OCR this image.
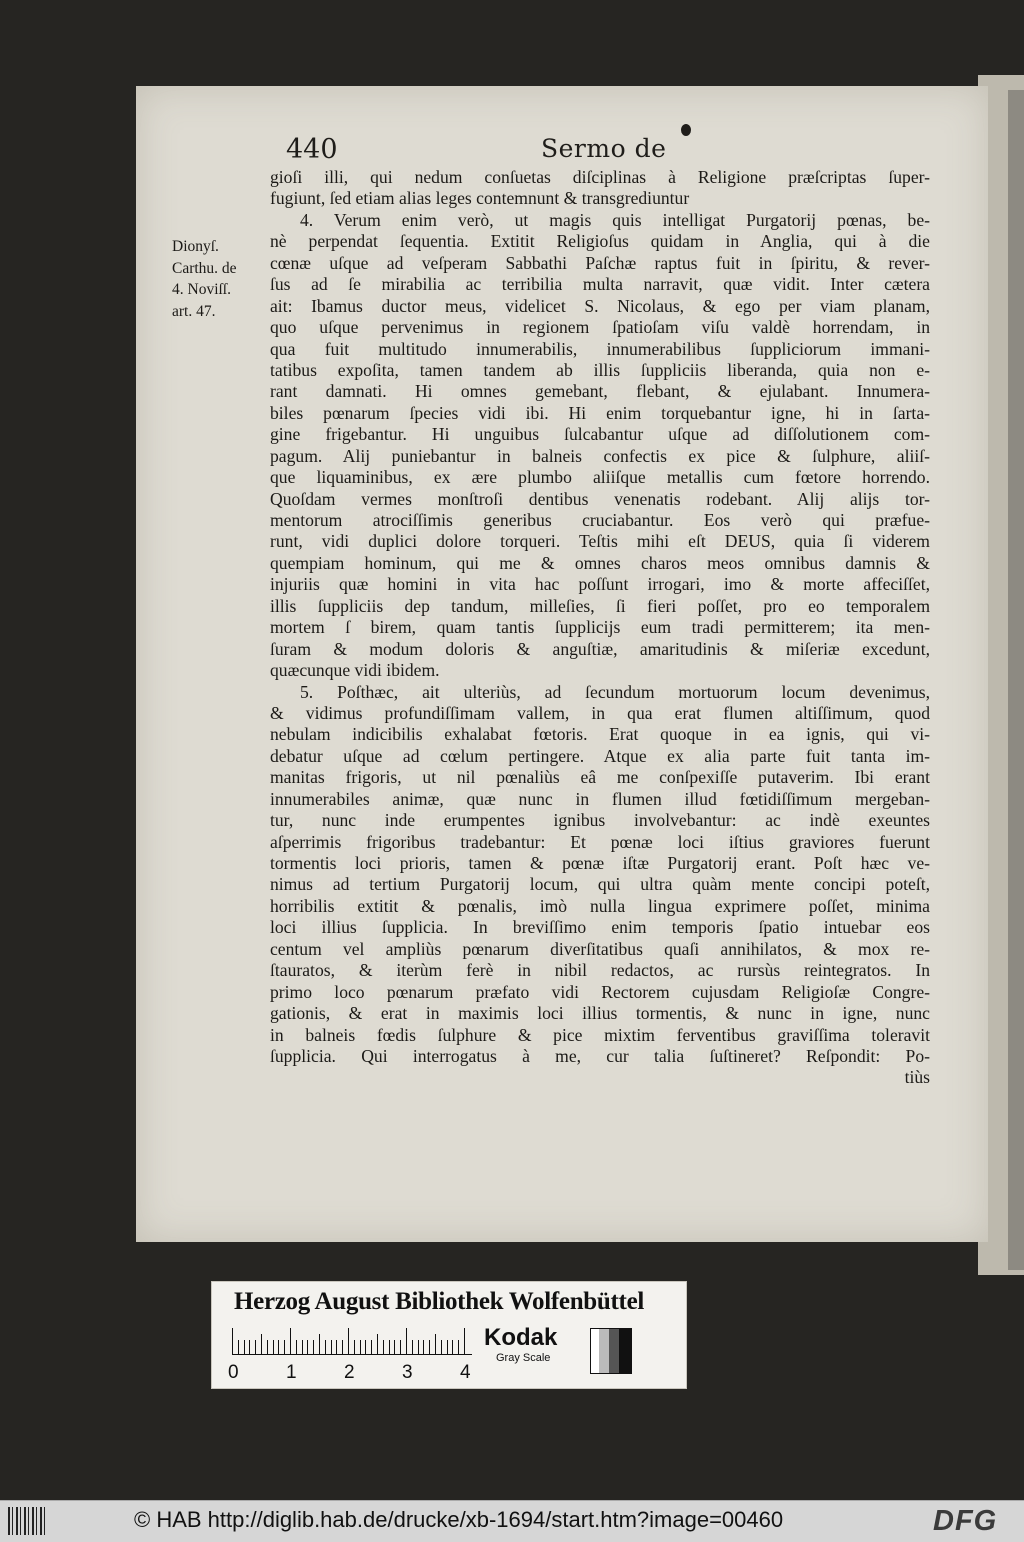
440	Sermo de
Dionyſ.
Carthu. de
4. Noviſſ.
art. 47.
gioſi illi, qui nedum conſuetas diſciplinas à Religione præſcriptas ſuper-
fugiunt, ſed etiam alias leges contemnunt & transgrediuntur
4. Verum enim verò, ut magis quis intelligat Purgatorij pœnas, be-
nè perpendat ſequentia. Extitit Religioſus quidam in Anglia, qui à die
cœnæ uſque ad veſperam Sabbathi Paſchæ raptus fuit in ſpiritu, & rever-
ſus ad ſe mirabilia ac terribilia multa narravit, quæ vidit. Inter cætera
ait: Ibamus ductor meus, videlicet S. Nicolaus, & ego per viam planam,
quo uſque pervenimus in regionem ſpatioſam viſu valdè horrendam, in
qua fuit multitudo innumerabilis, innumerabilibus ſuppliciorum immani-
tatibus expoſita, tamen tandem ab illis ſuppliciis liberanda, quia non e-
rant damnati. Hi omnes gemebant, flebant, & ejulabant. Innumera-
biles pœnarum ſpecies vidi ibi. Hi enim torquebantur igne, hi in ſarta-
gine frigebantur. Hi unguibus ſulcabantur uſque ad diſſolutionem com-
pagum. Alij puniebantur in balneis confectis ex pice & ſulphure, aliiſ-
que liquaminibus, ex ære plumbo aliiſque metallis cum fœtore horrendo.
Quoſdam vermes monſtroſi dentibus venenatis rodebant. Alij alijs tor-
mentorum atrociſſimis generibus cruciabantur. Eos verò qui præfue-
runt, vidi duplici dolore torqueri. Teſtis mihi eſt DEUS, quia ſi viderem
quempiam hominum, qui me & omnes charos meos omnibus damnis &
injuriis quæ homini in vita hac poſſunt irrogari, imo & morte affeciſſet,
illis ſuppliciis dep tandum, milleſies, ſi fieri poſſet, pro eo temporalem
mortem ſ birem, quam tantis ſupplicijs eum tradi permitterem; ita men-
ſuram & modum doloris & anguſtiæ, amaritudinis & miſeriæ excedunt,
quæcunque vidi ibidem.
5. Poſthæc, ait ulteriùs, ad ſecundum mortuorum locum devenimus,
& vidimus profundiſſimam vallem, in qua erat flumen altiſſimum, quod
nebulam indicibilis exhalabat fœtoris. Erat quoque in ea ignis, qui vi-
debatur uſque ad cœlum pertingere. Atque ex alia parte fuit tanta im-
manitas frigoris, ut nil pœnaliùs eâ me conſpexiſſe putaverim. Ibi erant
innumerabiles animæ, quæ nunc in flumen illud fœtidiſſimum mergeban-
tur, nunc inde erumpentes ignibus involvebantur: ac indè exeuntes
aſperrimis frigoribus tradebantur: Et pœnæ loci iſtius graviores fuerunt
tormentis loci prioris, tamen & pœnæ iſtæ Purgatorij erant. Poſt hæc ve-
nimus ad tertium Purgatorij locum, qui ultra quàm mente concipi poteſt,
horribilis extitit & pœnalis, imò nulla lingua exprimere poſſet, minima
loci illius ſupplicia. In breviſſimo enim temporis ſpatio intuebar eos
centum vel ampliùs pœnarum diverſitatibus quaſi annihilatos, & mox re-
ſtauratos, & iterùm ferè in nibil redactos, ac rursùs reintegratos. In
primo loco pœnarum præfato vidi Rectorem cujusdam Religioſæ Congre-
gationis, & erat in maximis loci illius tormentis, & nunc in igne, nunc
in balneis fœdis ſulphure & pice mixtim ferventibus graviſſima toleravit
ſupplicia. Qui interrogatus à me, cur talia ſuſtineret? Reſpondit: Po-
tiùs
Herzog August Bibliothek Wolfenbüttel
0 1 2 3 4
Kodak
Gray Scale
© HAB http://diglib.hab.de/drucke/xb-1694/start.htm?image=00460	DFG
